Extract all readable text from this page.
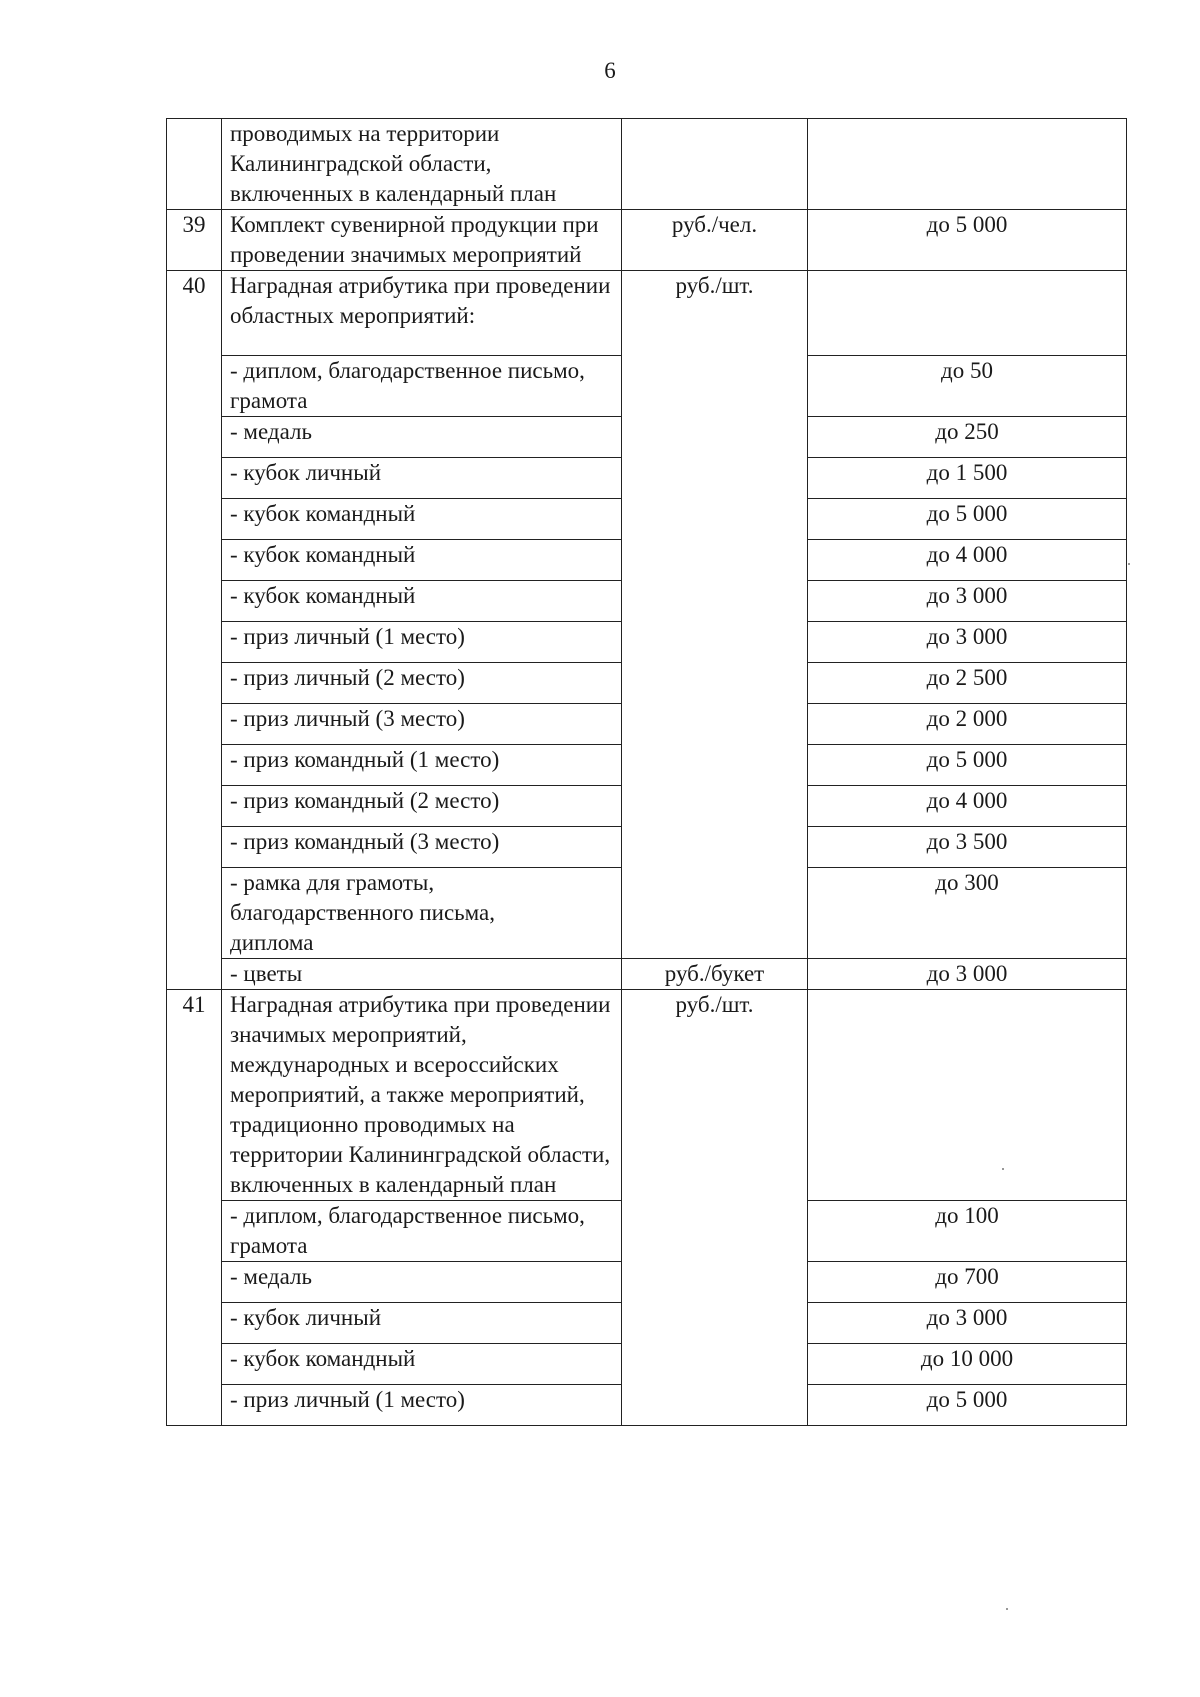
6
	проводимых на территории Калининградской области, включенных в календарный план		
39	Комплект сувенирной продукции при проведении значимых мероприятий	руб./чел.	до 5 000
40	Наградная атрибутика при проведении областных мероприятий:	руб./шт.	
	- диплом, благодарственное письмо, грамота		до 50
	- медаль		до 250
	- кубок личный		до 1 500
	- кубок командный		до 5 000
	- кубок командный		до 4 000
	- кубок командный		до 3 000
	- приз личный (1 место)		до 3 000
	- приз личный (2 место)		до 2 500
	- приз личный (3 место)		до 2 000
	- приз командный (1 место)		до 5 000
	- приз командный (2 место)		до 4 000
	- приз командный (3 место)		до 3 500
	- рамка для грамоты, благодарственного письма, диплома		до 300
	- цветы	руб./букет	до 3 000
41	Наградная атрибутика при проведении значимых мероприятий, международных и всероссийских мероприятий, а также мероприятий, традиционно проводимых на территории Калининградской области, включенных в календарный план	руб./шт.	
	- диплом, благодарственное письмо, грамота		до 100
	- медаль		до 700
	- кубок личный		до 3 000
	- кубок командный		до 10 000
	- приз личный (1 место)		до 5 000
